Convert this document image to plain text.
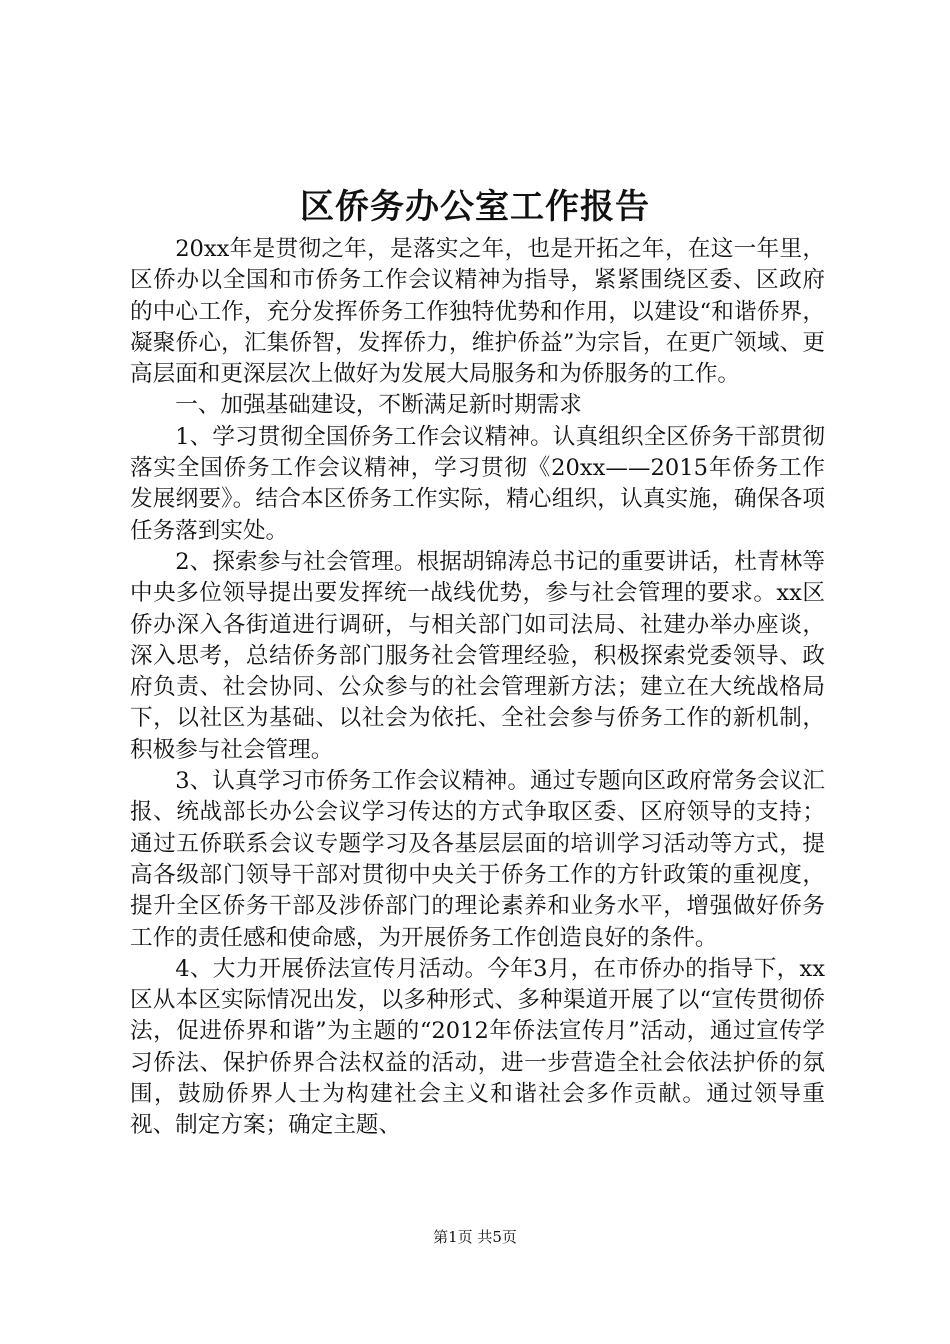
区侨务办公室工作报告

20xx年是贯彻之年，是落实之年，也是开拓之年，在这一年里，区侨办以全国和市侨务工作会议精神为指导，紧紧围绕区委、区政府的中心工作，充分发挥侨务工作独特优势和作用，以建设“和谐侨界，凝聚侨心，汇集侨智，发挥侨力，维护侨益”为宗旨，在更广领域、更高层面和更深层次上做好为发展大局服务和为侨服务的工作。

一、加强基础建设，不断满足新时期需求

1、学习贯彻全国侨务工作会议精神。认真组织全区侨务干部贯彻落实全国侨务工作会议精神，学习贯彻《20xx——2015年侨务工作发展纲要》。结合本区侨务工作实际，精心组织，认真实施，确保各项任务落到实处。

2、探索参与社会管理。根据胡锦涛总书记的重要讲话，杜青林等中央多位领导提出要发挥统一战线优势，参与社会管理的要求。xx区侨办深入各街道进行调研，与相关部门如司法局、社建办举办座谈，深入思考，总结侨务部门服务社会管理经验，积极探索党委领导、政府负责、社会协同、公众参与的社会管理新方法；建立在大统战格局下，以社区为基础、以社会为依托、全社会参与侨务工作的新机制，积极参与社会管理。

3、认真学习市侨务工作会议精神。通过专题向区政府常务会议汇报、统战部长办公会议学习传达的方式争取区委、区府领导的支持；通过五侨联系会议专题学习及各基层层面的培训学习活动等方式，提高各级部门领导干部对贯彻中央关于侨务工作的方针政策的重视度，提升全区侨务干部及涉侨部门的理论素养和业务水平，增强做好侨务工作的责任感和使命感，为开展侨务工作创造良好的条件。

4、大力开展侨法宣传月活动。今年3月，在市侨办的指导下，xx区从本区实际情况出发，以多种形式、多种渠道开展了以“宣传贯彻侨法，促进侨界和谐”为主题的“2012年侨法宣传月”活动，通过宣传学习侨法、保护侨界合法权益的活动，进一步营造全社会依法护侨的氛围，鼓励侨界人士为构建社会主义和谐社会多作贡献。通过领导重视、制定方案；确定主题、

第1页 共5页
